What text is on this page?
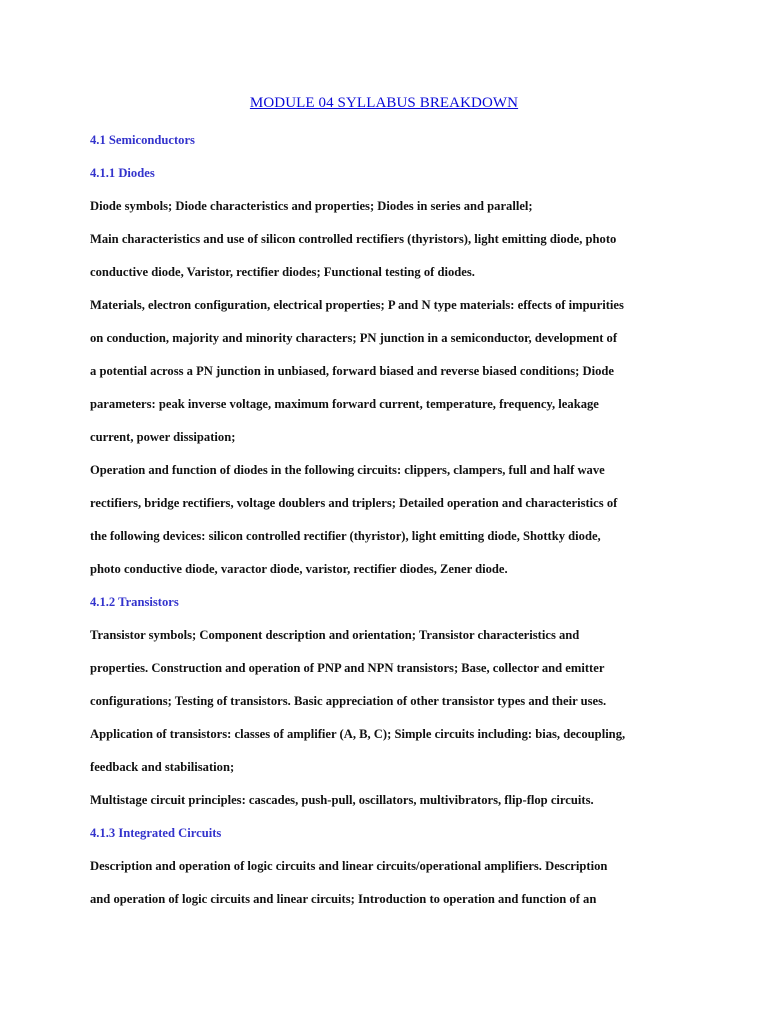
MODULE 04 SYLLABUS BREAKDOWN
4.1 Semiconductors
4.1.1 Diodes
Diode symbols; Diode characteristics and properties; Diodes in series and parallel;
Main characteristics and use of silicon controlled rectifiers (thyristors), light emitting diode, photo
conductive diode, Varistor, rectifier diodes; Functional testing of diodes.
Materials, electron configuration, electrical properties; P and N type materials: effects of impurities
on conduction, majority and minority characters; PN junction in a semiconductor, development of
a potential across a PN junction in unbiased, forward biased and reverse biased conditions; Diode
parameters: peak inverse voltage, maximum forward current, temperature, frequency, leakage
current, power dissipation;
Operation and function of diodes in the following circuits: clippers, clampers, full and half wave
rectifiers, bridge rectifiers, voltage doublers and triplers; Detailed operation and characteristics of
the following devices: silicon controlled rectifier (thyristor), light emitting diode, Shottky diode,
photo conductive diode, varactor diode, varistor, rectifier diodes, Zener diode.
4.1.2 Transistors
Transistor symbols; Component description and orientation; Transistor characteristics and
properties. Construction and operation of PNP and NPN transistors; Base, collector and emitter
configurations; Testing of transistors. Basic appreciation of other transistor types and their uses.
Application of transistors: classes of amplifier (A, B, C); Simple circuits including: bias, decoupling,
feedback and stabilisation;
Multistage circuit principles: cascades, push-pull, oscillators, multivibrators, flip-flop circuits.
4.1.3 Integrated Circuits
Description and operation of logic circuits and linear circuits/operational amplifiers. Description
and operation of logic circuits and linear circuits; Introduction to operation and function of an
